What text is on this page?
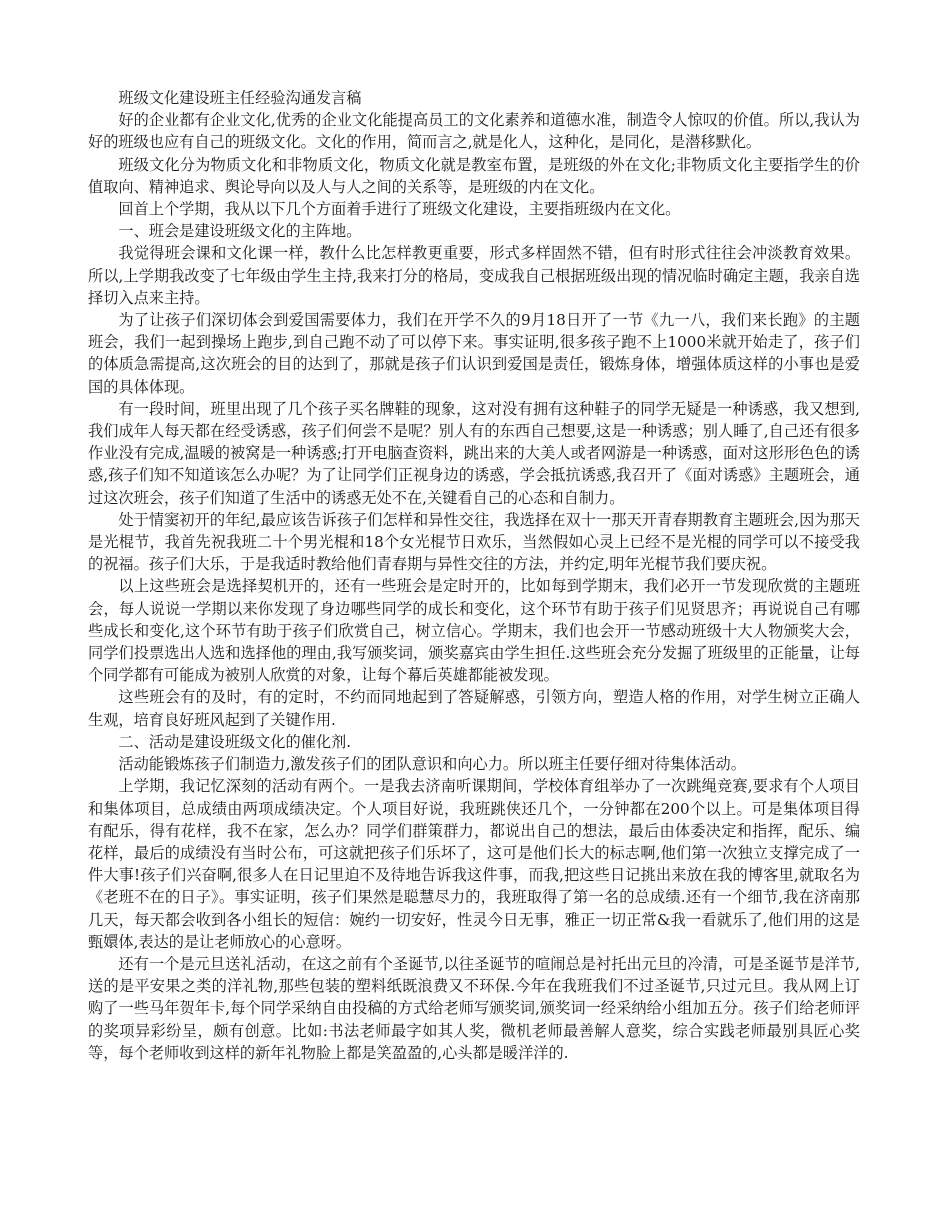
班级文化建设班主任经验沟通发言稿

好的企业都有企业文化,优秀的企业文化能提高员工的文化素养和道德水准，制造令人惊叹的价值。所以,我认为好的班级也应有自己的班级文化。文化的作用，简而言之,就是化人，这种化，是同化，是潜移默化。

班级文化分为物质文化和非物质文化，物质文化就是教室布置，是班级的外在文化;非物质文化主要指学生的价值取向、精神追求、舆论导向以及人与人之间的关系等，是班级的内在文化。

回首上个学期，我从以下几个方面着手进行了班级文化建设，主要指班级内在文化。

一、班会是建设班级文化的主阵地。

我觉得班会课和文化课一样，教什么比怎样教更重要，形式多样固然不错，但有时形式往往会冲淡教育效果。所以,上学期我改变了七年级由学生主持,我来打分的格局，变成我自己根据班级出现的情况临时确定主题，我亲自选择切入点来主持。

为了让孩子们深切体会到爱国需要体力，我们在开学不久的9月18日开了一节《九一八，我们来长跑》的主题班会，我们一起到操场上跑步,到自己跑不动了可以停下来。事实证明,很多孩子跑不上1000米就开始走了，孩子们的体质急需提高,这次班会的目的达到了，那就是孩子们认识到爱国是责任，锻炼身体，增强体质这样的小事也是爱国的具体体现。

有一段时间，班里出现了几个孩子买名牌鞋的现象，这对没有拥有这种鞋子的同学无疑是一种诱惑，我又想到,我们成年人每天都在经受诱惑，孩子们何尝不是呢？别人有的东西自己想要,这是一种诱惑；别人睡了,自己还有很多作业没有完成,温暖的被窝是一种诱惑;打开电脑查资料，跳出来的大美人或者网游是一种诱惑，面对这形形色色的诱惑,孩子们知不知道该怎么办呢？为了让同学们正视身边的诱惑，学会抵抗诱惑,我召开了《面对诱惑》主题班会，通过这次班会，孩子们知道了生活中的诱惑无处不在,关键看自己的心态和自制力。

处于情窦初开的年纪,最应该告诉孩子们怎样和异性交往，我选择在双十一那天开青春期教育主题班会,因为那天是光棍节，我首先祝我班二十个男光棍和18个女光棍节日欢乐，当然假如心灵上已经不是光棍的同学可以不接受我的祝福。孩子们大乐，于是我适时教给他们青春期与异性交往的方法，并约定,明年光棍节我们要庆祝。

以上这些班会是选择契机开的，还有一些班会是定时开的，比如每到学期末，我们必开一节发现欣赏的主题班会，每人说说一学期以来你发现了身边哪些同学的成长和变化，这个环节有助于孩子们见贤思齐；再说说自己有哪些成长和变化,这个环节有助于孩子们欣赏自己，树立信心。学期末，我们也会开一节感动班级十大人物颁奖大会，同学们投票选出人选和选择他的理由,我写颁奖词，颁奖嘉宾由学生担任.这些班会充分发掘了班级里的正能量，让每个同学都有可能成为被别人欣赏的对象，让每个幕后英雄都能被发现。

这些班会有的及时，有的定时，不约而同地起到了答疑解惑，引领方向，塑造人格的作用，对学生树立正确人生观，培育良好班风起到了关键作用.

二、活动是建设班级文化的催化剂.

活动能锻炼孩子们制造力,激发孩子们的团队意识和向心力。所以班主任要仔细对待集体活动。

上学期，我记忆深刻的活动有两个。一是我去济南听课期间，学校体育组举办了一次跳绳竞赛,要求有个人项目和集体项目，总成绩由两项成绩决定。个人项目好说，我班跳侠还几个，一分钟都在200个以上。可是集体项目得有配乐，得有花样，我不在家，怎么办？同学们群策群力，都说出自己的想法，最后由体委决定和指挥，配乐、编花样，最后的成绩没有当时公布，可这就把孩子们乐坏了，这可是他们长大的标志啊,他们第一次独立支撑完成了一件大事!孩子们兴奋啊,很多人在日记里迫不及待地告诉我这件事，而我,把这些日记挑出来放在我的博客里,就取名为《老班不在的日子》。事实证明，孩子们果然是聪慧尽力的，我班取得了第一名的总成绩.还有一个细节,我在济南那几天，每天都会收到各小组长的短信：婉约一切安好，性灵今日无事，雅正一切正常&我一看就乐了,他们用的这是甄嬛体,表达的是让老师放心的心意呀。

还有一个是元旦送礼活动，在这之前有个圣诞节,以往圣诞节的喧闹总是衬托出元旦的冷清，可是圣诞节是洋节,送的是平安果之类的洋礼物,那些包装的塑料纸既浪费又不环保.今年在我班我们不过圣诞节,只过元旦。我从网上订购了一些马年贺年卡,每个同学采纳自由投稿的方式给老师写颁奖词,颁奖词一经采纳给小组加五分。孩子们给老师评的奖项异彩纷呈，颇有创意。比如:书法老师最字如其人奖，微机老师最善解人意奖，综合实践老师最别具匠心奖等，每个老师收到这样的新年礼物脸上都是笑盈盈的,心头都是暖洋洋的.
